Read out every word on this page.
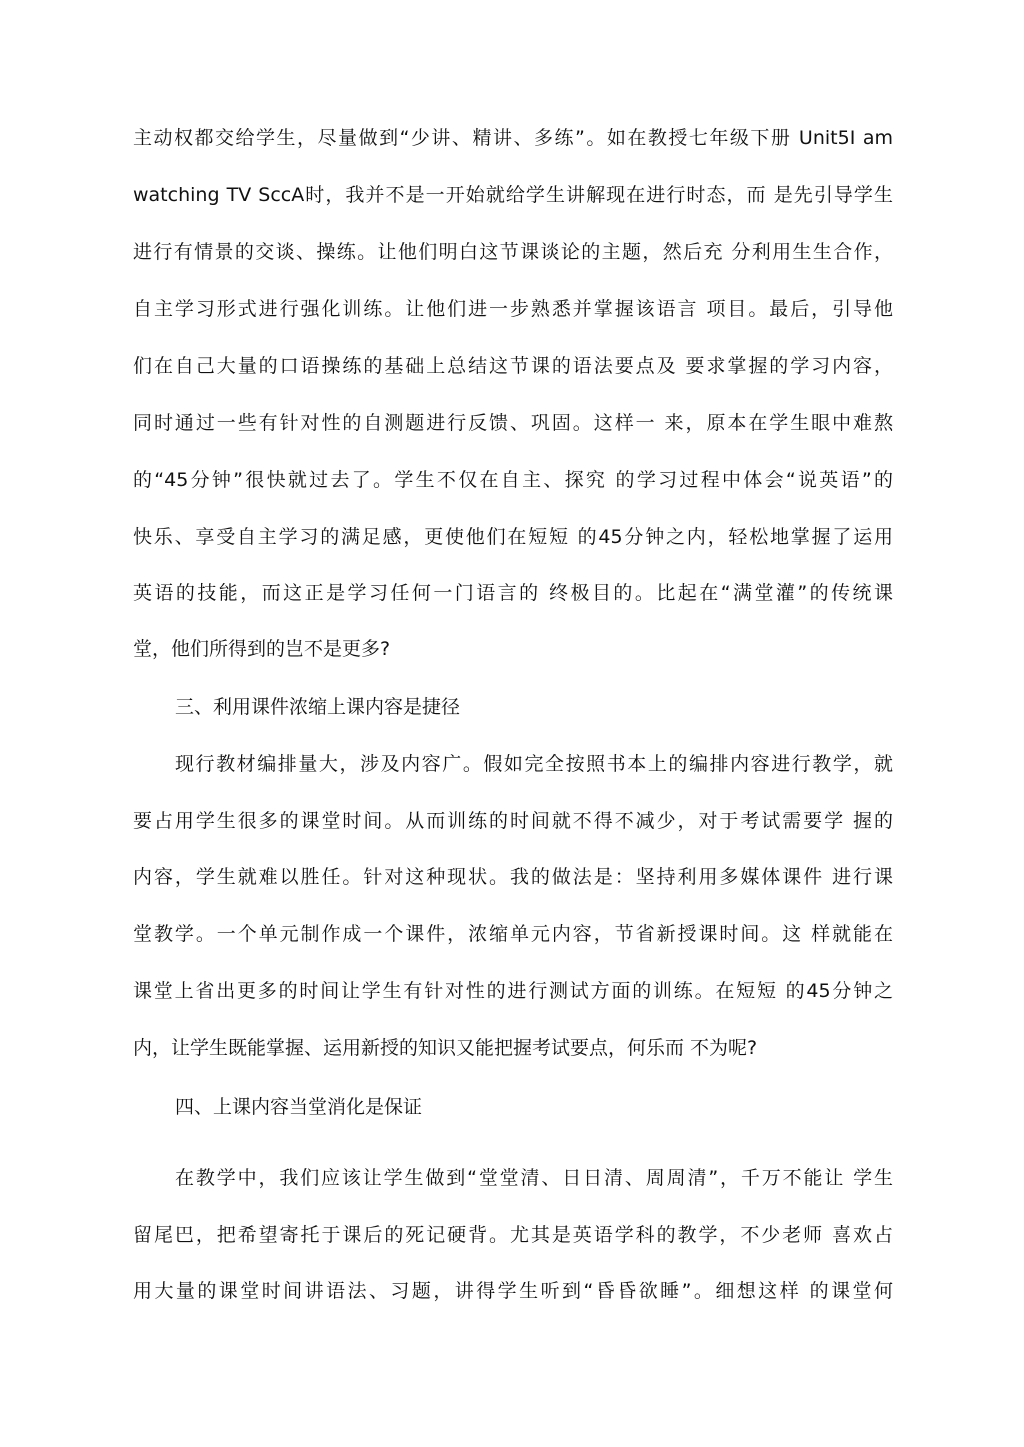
主动权都交给学生，尽量做到“少讲、精讲、多练”。如在教授七年级下册 Unit5I am
watching TV SccA时，我并不是一开始就给学生讲解现在进行时态，而 是先引导学生
进行有情景的交谈、操练。让他们明白这节课谈论的主题，然后充 分利用生生合作，
自主学习形式进行强化训练。让他们进一步熟悉并掌握该语言 项目。最后，引导他
们在自己大量的口语操练的基础上总结这节课的语法要点及 要求掌握的学习内容，
同时通过一些有针对性的自测题进行反馈、巩固。这样一 来，原本在学生眼中难熬
的“45分钟”很快就过去了。学生不仅在自主、探究 的学习过程中体会“说英语”的
快乐、享受自主学习的满足感，更使他们在短短 的45分钟之内，轻松地掌握了运用
英语的技能，而这正是学习任何一门语言的 终极目的。比起在“满堂灌”的传统课
堂，他们所得到的岂不是更多?
三、利用课件浓缩上课内容是捷径
现行教材编排量大，涉及内容广。假如完全按照书本上的编排内容进行教学，就
要占用学生很多的课堂时间。从而训练的时间就不得不减少，对于考试需要学 握的
内容，学生就难以胜任。针对这种现状。我的做法是：坚持利用多媒体课件 进行课
堂教学。一个单元制作成一个课件，浓缩单元内容，节省新授课时间。这 样就能在
课堂上省出更多的时间让学生有针对性的进行测试方面的训练。在短短 的45分钟之
内，让学生既能掌握、运用新授的知识又能把握考试要点，何乐而 不为呢?
四、上课内容当堂消化是保证
在教学中，我们应该让学生做到“堂堂清、日日清、周周清”，千万不能让 学生
留尾巴，把希望寄托于课后的死记硬背。尤其是英语学科的教学，不少老师 喜欢占
用大量的课堂时间讲语法、习题，讲得学生听到“昏昏欲睡”。细想这样 的课堂何
